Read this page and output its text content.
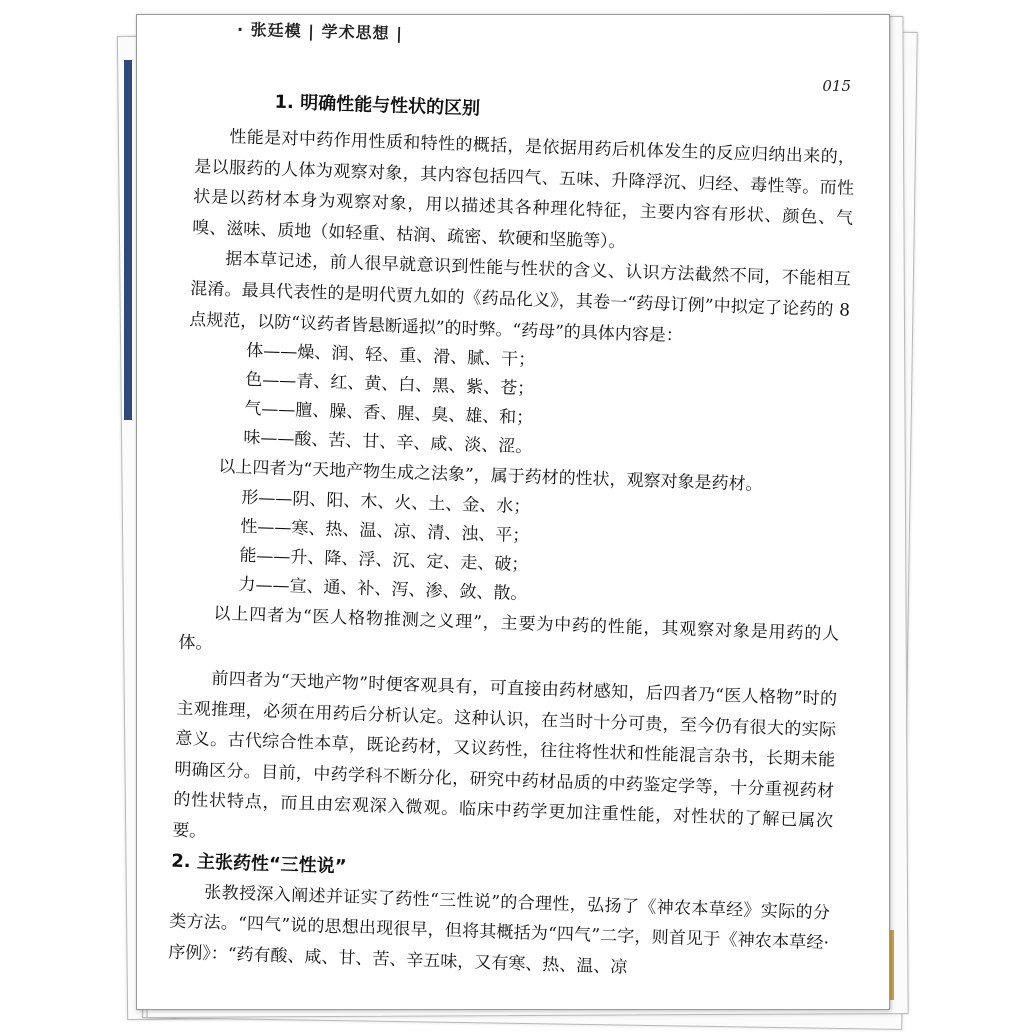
· 张廷模 | 学术思想 |
015
1. 明确性能与性状的区别

性能是对中药作用性质和特性的概括，是依据用药后机体发生的反应归纳出来的，是以服药的人体为观察对象，其内容包括四气、五味、升降浮沉、归经、毒性等。而性状是以药材本身为观察对象，用以描述其各种理化特征，主要内容有形状、颜色、气嗅、滋味、质地（如轻重、枯润、疏密、软硬和坚脆等）。

据本草记述，前人很早就意识到性能与性状的含义、认识方法截然不同，不能相互混淆。最具代表性的是明代贾九如的《药品化义》，其卷一“药母订例”中拟定了论药的 8 点规范，以防“议药者皆悬断遥拟”的时弊。“药母”的具体内容是：

体——燥、润、轻、重、滑、腻、干；

色——青、红、黄、白、黑、紫、苍；

气——膻、臊、香、腥、臭、雄、和；

味——酸、苦、甘、辛、咸、淡、涩。

以上四者为“天地产物生成之法象”，属于药材的性状，观察对象是药材。

形——阴、阳、木、火、土、金、水；

性——寒、热、温、凉、清、浊、平；

能——升、降、浮、沉、定、走、破；

力——宣、通、补、泻、渗、敛、散。

以上四者为“医人格物推测之义理”，主要为中药的性能，其观察对象是用药的人体。

前四者为“天地产物”时便客观具有，可直接由药材感知，后四者乃“医人格物”时的主观推理，必须在用药后分析认定。这种认识，在当时十分可贵，至今仍有很大的实际意义。古代综合性本草，既论药材，又议药性，往往将性状和性能混言杂书，长期未能明确区分。目前，中药学科不断分化，研究中药材品质的中药鉴定学等，十分重视药材的性状特点，而且由宏观深入微观。临床中药学更加注重性能，对性状的了解已属次要。

2. 主张药性“三性说”

张教授深入阐述并证实了药性“三性说”的合理性，弘扬了《神农本草经》实际的分类方法。“四气”说的思想出现很早，但将其概括为“四气”二字，则首见于《神农本草经·序例》：“药有酸、咸、甘、苦、辛五味，又有寒、热、温、凉
